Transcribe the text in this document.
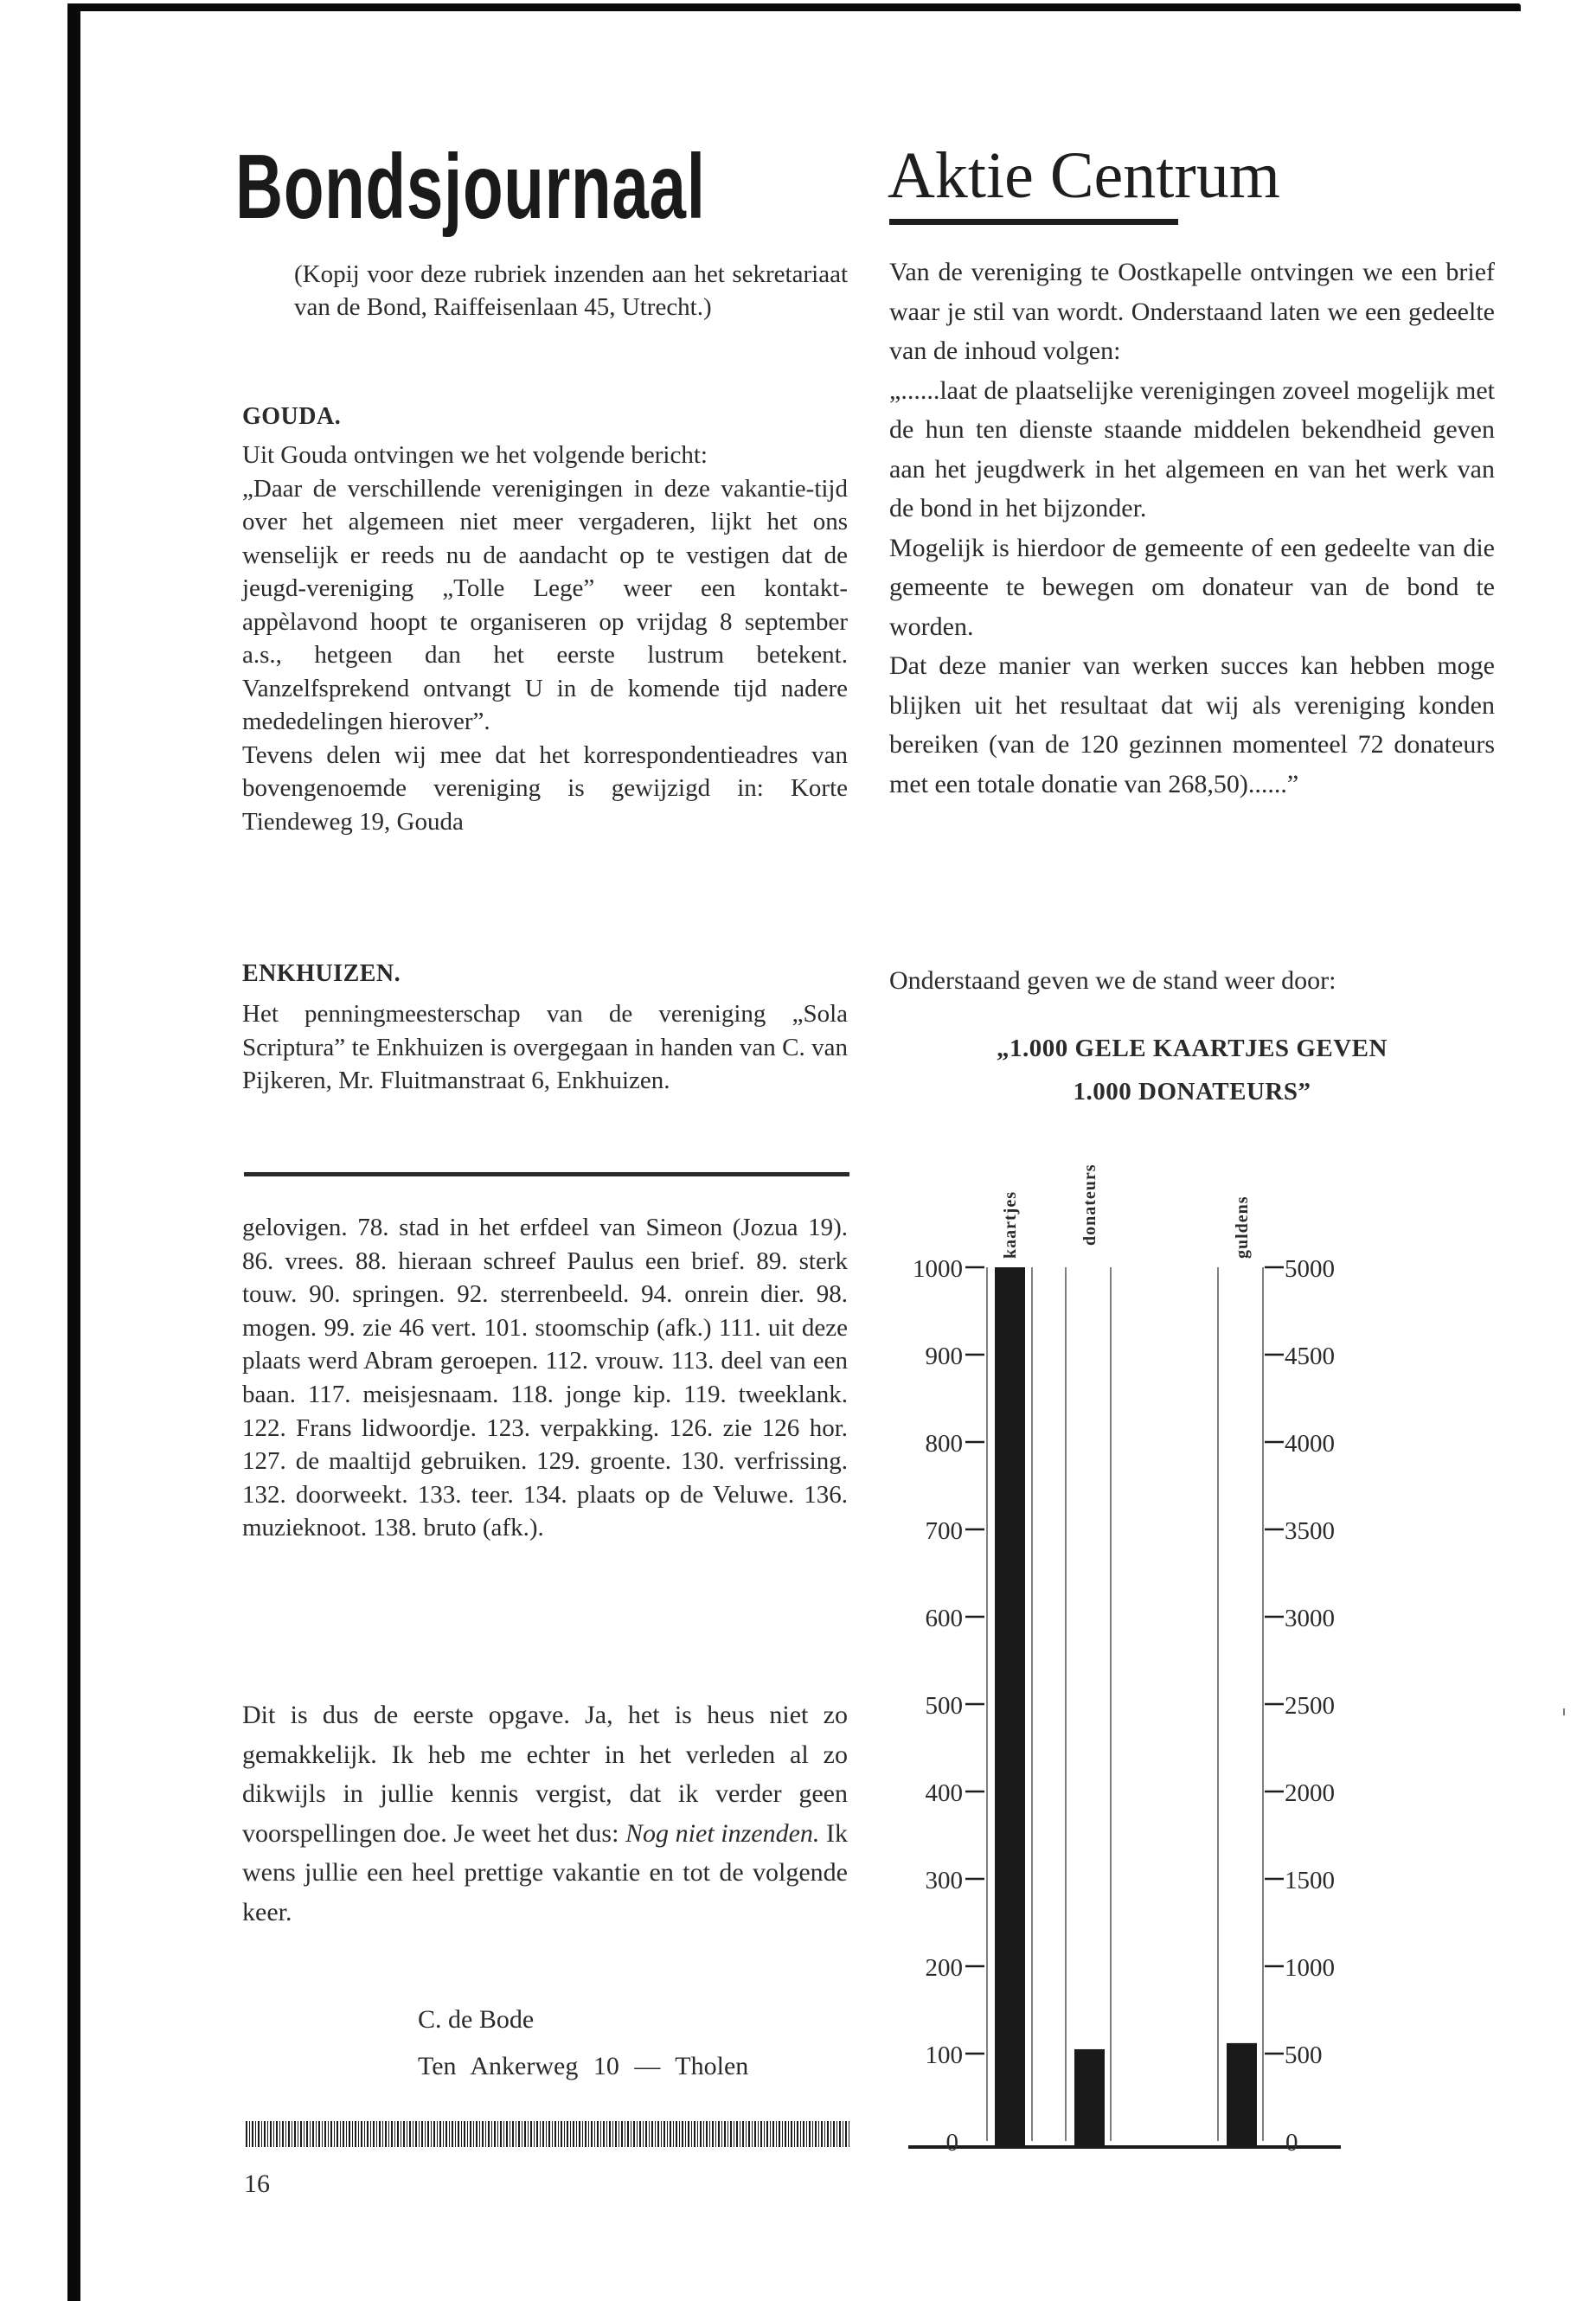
Bondsjournaal
(Kopij voor deze rubriek inzenden aan het sekretariaat van de Bond, Raiffeisenlaan 45, Utrecht.)
GOUDA.

Uit Gouda ontvingen we het volgende bericht:

„Daar de verschillende verenigingen in deze vakantie-tijd over het algemeen niet meer vergaderen, lijkt het ons wenselijk er reeds nu de aandacht op te vestigen dat de jeugd-vereniging „Tolle Lege” weer een kontakt-appèlavond hoopt te organiseren op vrijdag 8 september a.s., hetgeen dan het eerste lustrum betekent. Vanzelfsprekend ontvangt U in de komende tijd nadere mededelingen hierover”.

Tevens delen wij mee dat het korrespondentieadres van bovengenoemde vereniging is gewijzigd in: Korte Tiendeweg 19, Gouda

ENKHUIZEN.

Het penningmeesterschap van de vereniging „Sola Scriptura” te Enkhuizen is overgegaan in handen van C. van Pijkeren, Mr. Fluitmanstraat 6, Enkhuizen.

gelovigen. 78. stad in het erfdeel van Simeon (Jozua 19). 86. vrees. 88. hieraan schreef Paulus een brief. 89. sterk touw. 90. springen. 92. sterrenbeeld. 94. onrein dier. 98. mogen. 99. zie 46 vert. 101. stoomschip (afk.) 111. uit deze plaats werd Abram geroepen. 112. vrouw. 113. deel van een baan. 117. meisjesnaam. 118. jonge kip. 119. tweeklank. 122. Frans lidwoordje. 123. verpakking. 126. zie 126 hor. 127. de maaltijd gebruiken. 129. groente. 130. verfrissing. 132. doorweekt. 133. teer. 134. plaats op de Veluwe. 136. muzieknoot. 138. bruto (afk.).
Dit is dus de eerste opgave. Ja, het is heus niet zo gemakkelijk. Ik heb me echter in het verleden al zo dikwijls in jullie kennis vergist, dat ik verder geen voorspellingen doe. Je weet het dus: Nog niet inzenden. Ik wens jullie een heel prettige vakantie en tot de volgende keer.
C. de Bode
Ten Ankerweg 10 — Tholen
16
Aktie Centrum

Van de vereniging te Oostkapelle ontvingen we een brief waar je stil van wordt. Onderstaand laten we een gedeelte van de inhoud volgen:

„......laat de plaatselijke verenigingen zoveel mogelijk met de hun ten dienste staande middelen bekendheid geven aan het jeugdwerk in het algemeen en van het werk van de bond in het bijzonder.

Mogelijk is hierdoor de gemeente of een gedeelte van die gemeente te bewegen om donateur van de bond te worden.

Dat deze manier van werken succes kan hebben moge blijken uit het resultaat dat wij als vereniging konden bereiken (van de 120 gezinnen momenteel 72 donateurs met een totale donatie van 268,50)......”

Onderstaand geven we de stand weer door:
„1.000 GELE KAARTJES GEVEN
1.000 DONATEURS”
0
100
200
300
400
500
600
700
800
900
1000
0
500
1000
1500
2000
2500
3000
3500
4000
4500
5000
kaartjes	donateurs	guldens
